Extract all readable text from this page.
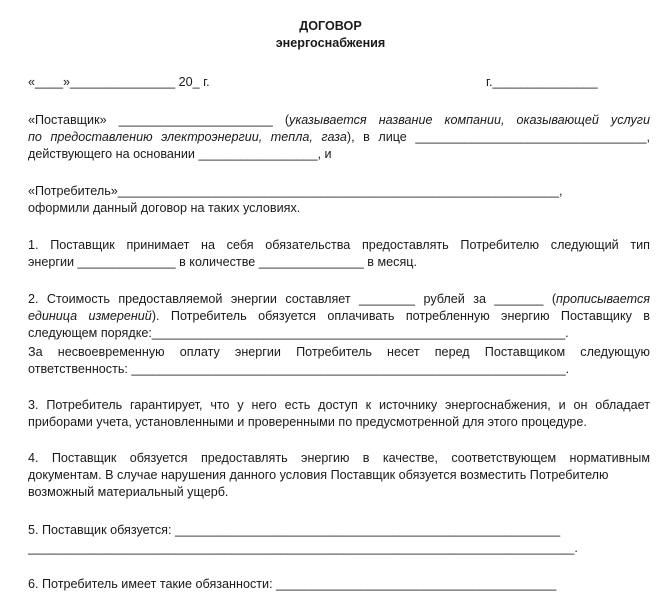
ДОГОВОР
энергоснабжения
«____»_______________ 20_ г.	г._______________
«Поставщик» ______________________ (указывается название компании, оказывающей услуги
по предоставлению электроэнергии, тепла, газа), в лице _________________________________,
действующего на основании _________________, и
«Потребитель»_______________________________________________________________,
оформили данный договор на таких условиях.
1. Поставщик принимает на себя обязательства предоставлять Потребителю следующий тип
энергии ______________ в количестве _______________ в месяц.
2. Стоимость предоставляемой энергии составляет ________ рублей за _______ (прописывается
единица измерений). Потребитель обязуется оплачивать потребленную энергию Поставщику в
следующем порядке:___________________________________________________________.
За несвоевременную оплату энергии Потребитель несет перед Поставщиком следующую
ответственность: ______________________________________________________________.
3. Потребитель гарантирует, что у него есть доступ к источнику энергоснабжения, и он обладает
приборами учета, установленными и проверенными по предусмотренной для этого процедуре.
4. Поставщик обязуется предоставлять энергию в качестве, соответствующем нормативным
документам. В случае нарушения данного условия Поставщик обязуется возместить Потребителю
возможный материальный ущерб.
5. Поставщик обязуется: _______________________________________________________
______________________________________________________________________________.
6. Потребитель имеет такие обязанности: ________________________________________
